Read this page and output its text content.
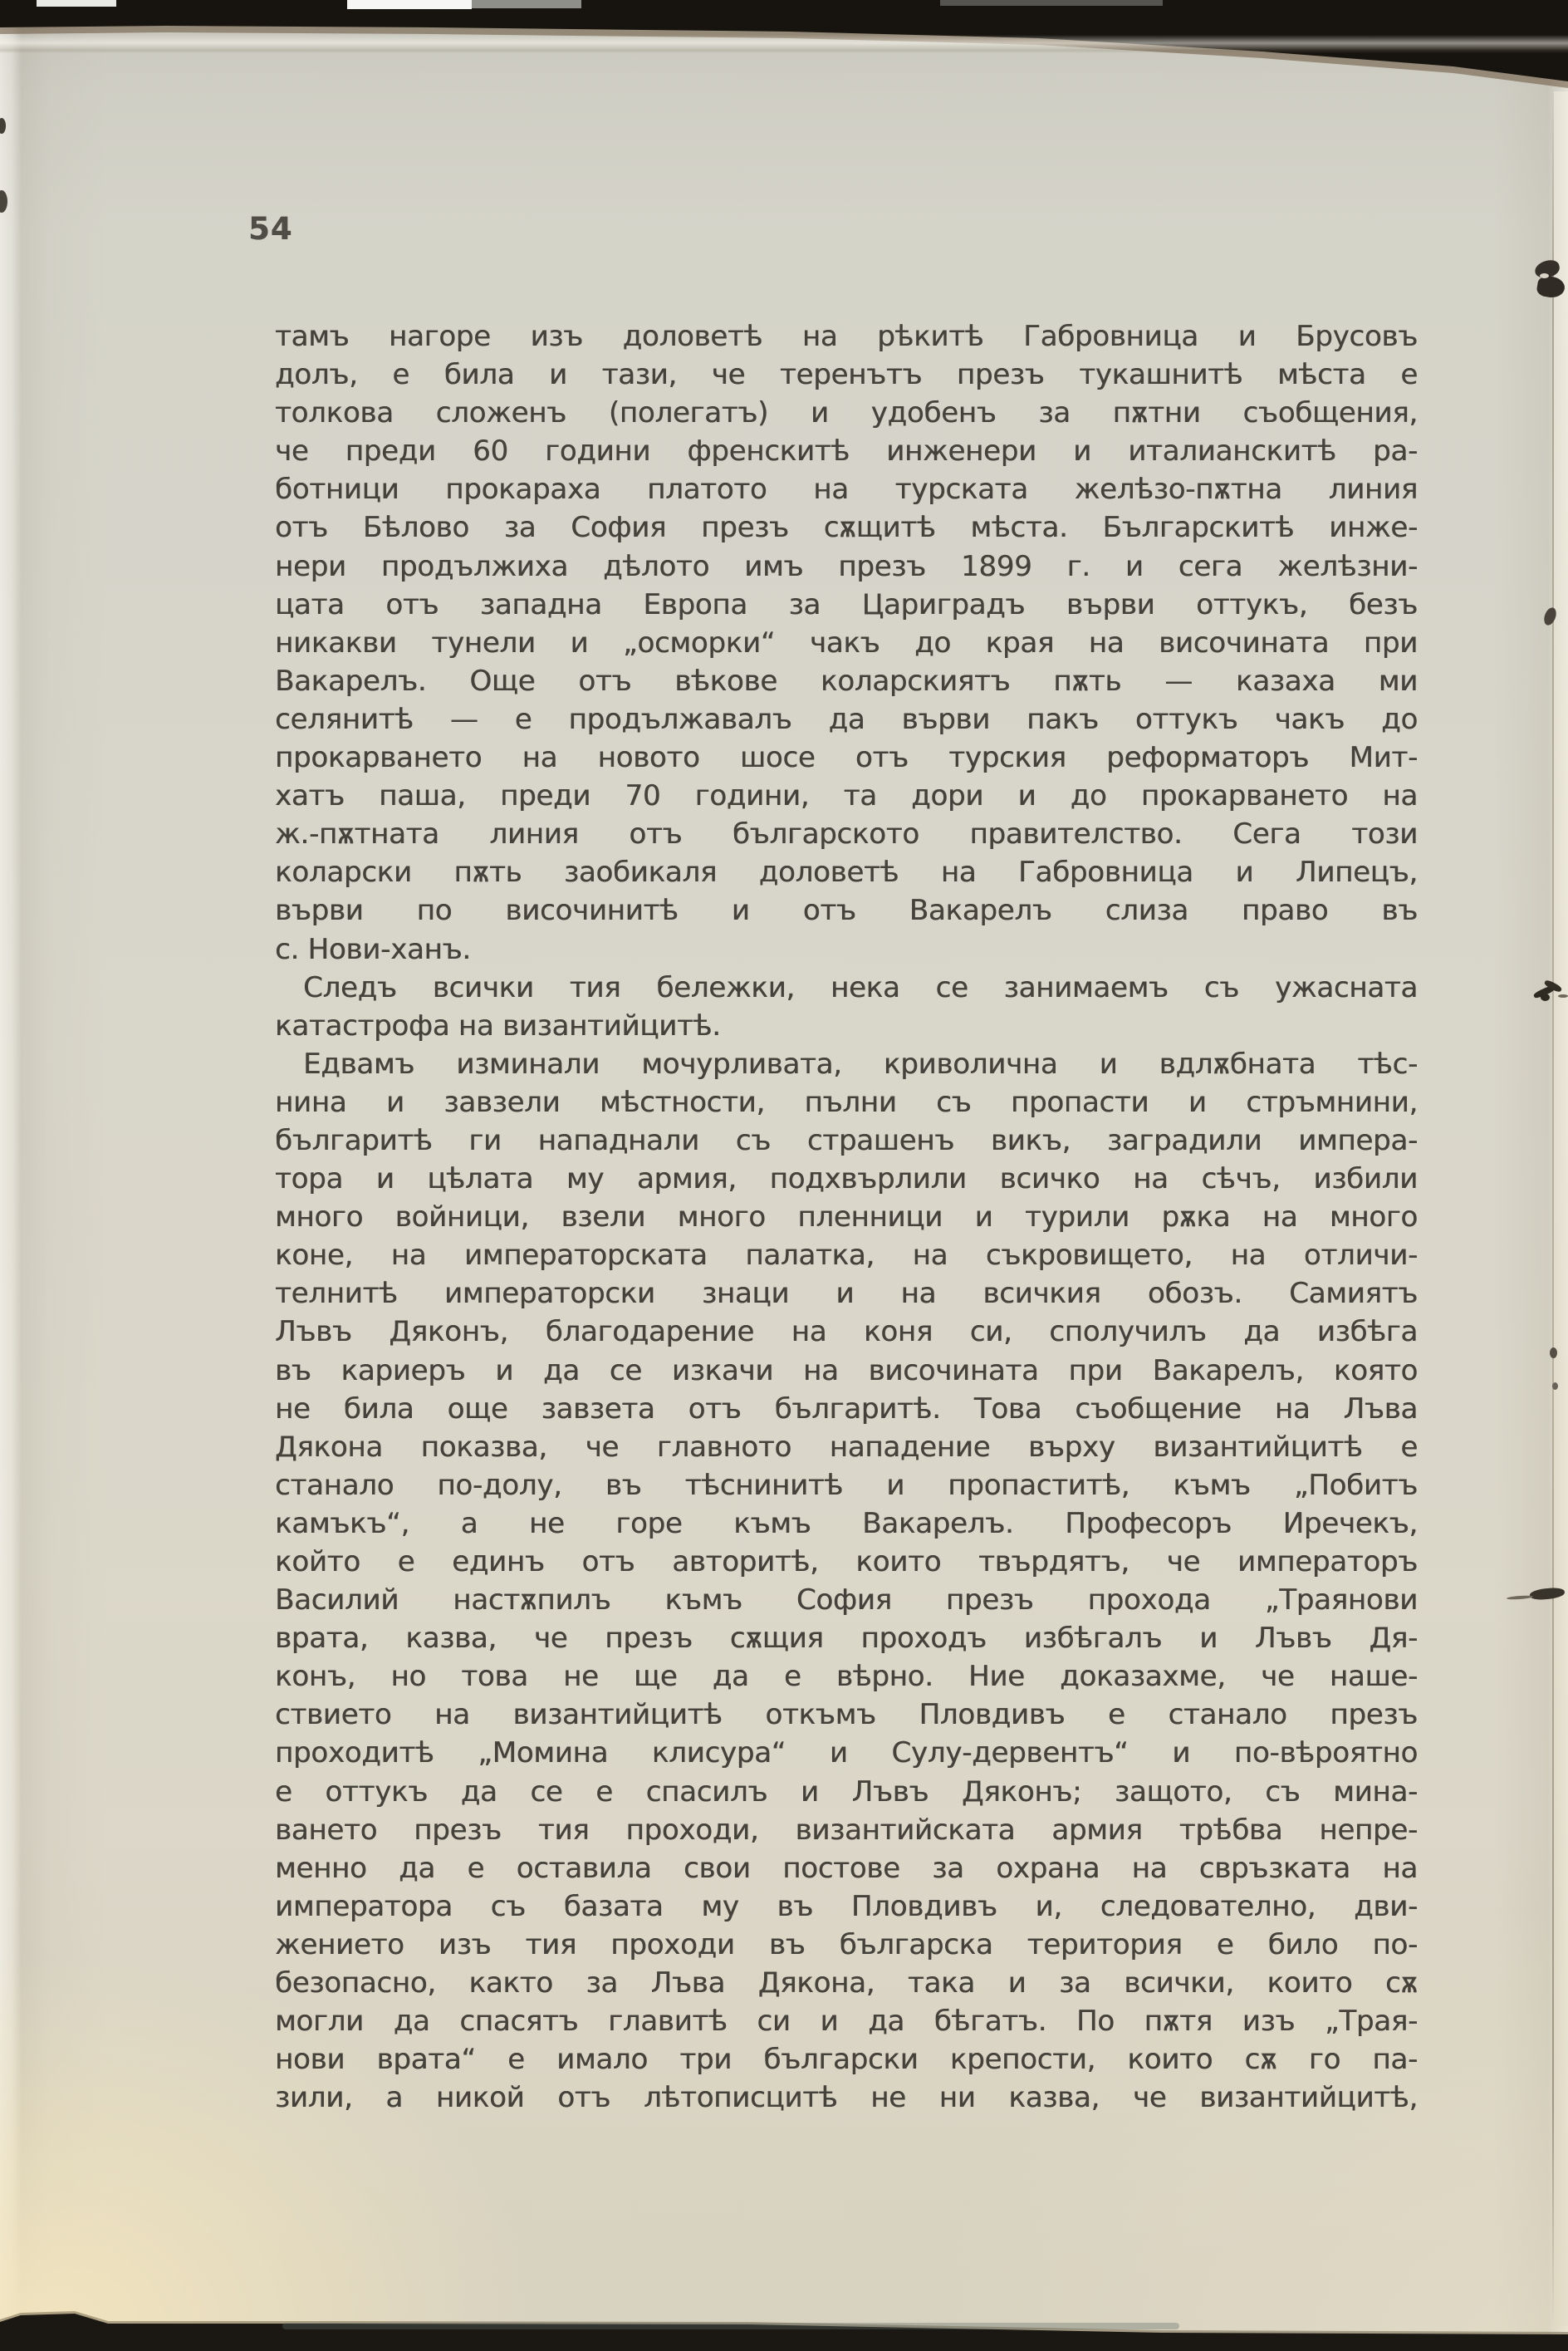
54
тамъ нагоре изъ доловетѣ на рѣкитѣ Габровница и Брусовъ
долъ, е била и тази, че теренътъ презъ тукашнитѣ мѣста е
толкова сложенъ (полегатъ) и удобенъ за пѫтни съобщения,
че преди 60 години френскитѣ инженери и италианскитѣ ра-
ботници прокараха платото на турската желѣзо-пѫтна линия
отъ Бѣлово за София презъ сѫщитѣ мѣста. Българскитѣ инже-
нери продължиха дѣлото имъ презъ 1899 г. и сега желѣзни-
цата отъ западна Европа за Цариградъ върви оттукъ, безъ
никакви тунели и „осморки“ чакъ до края на височината при
Вакарелъ. Още отъ вѣкове коларскиятъ пѫть — казаха ми
селянитѣ — е продължавалъ да върви пакъ оттукъ чакъ до
прокарването на новото шосе отъ турския реформаторъ Мит-
хатъ паша, преди 70 години, та дори и до прокарването на
ж.-пѫтната линия отъ българското правителство. Сега този
коларски пѫть заобикаля доловетѣ на Габровница и Липецъ,
върви по височинитѣ и отъ Вакарелъ слиза право въ
с. Нови-ханъ.
Следъ всички тия бележки, нека се занимаемъ съ ужасната
катастрофа на византийцитѣ.
Едвамъ изминали мочурливата, криволична и вдлѫбната тѣс-
нина и завзели мѣстности, пълни съ пропасти и стръмнини,
българитѣ ги нападнали съ страшенъ викъ, заградили импера-
тора и цѣлата му армия, подхвърлили всичко на сѣчъ, избили
много войници, взели много пленници и турили рѫка на много
коне, на императорската палатка, на съкровището, на отличи-
телнитѣ императорски знаци и на всичкия обозъ. Самиятъ
Лъвъ Дяконъ, благодарение на коня си, сполучилъ да избѣга
въ кариеръ и да се изкачи на височината при Вакарелъ, която
не била още завзета отъ българитѣ. Това съобщение на Лъва
Дякона показва, че главното нападение върху византийцитѣ е
станало по-долу, въ тѣснинитѣ и пропаститѣ, къмъ „Побитъ
камъкъ“, а не горе къмъ Вакарелъ. Професоръ Иречекъ,
който е единъ отъ авторитѣ, които твърдятъ, че императоръ
Василий настѫпилъ къмъ София презъ прохода „Траянови
врата, казва, че презъ сѫщия проходъ избѣгалъ и Лъвъ Дя-
конъ, но това не ще да е вѣрно. Ние доказахме, че наше-
ствието на византийцитѣ откъмъ Пловдивъ е станало презъ
проходитѣ „Момина клисура“ и Сулу-дервентъ“ и по-вѣроятно
е оттукъ да се е спасилъ и Лъвъ Дяконъ; защото, съ мина-
ването презъ тия проходи, византийската армия трѣбва непре-
менно да е оставила свои постове за охрана на свръзката на
императора съ базата му въ Пловдивъ и, следователно, дви-
жението изъ тия проходи въ българска територия е било по-
безопасно, както за Лъва Дякона, така и за всички, които сѫ
могли да спасятъ главитѣ си и да бѣгатъ. По пѫтя изъ „Трая-
нови врата“ е имало три български крепости, които сѫ го па-
зили, а никой отъ лѣтописцитѣ не ни казва, че византийцитѣ,
